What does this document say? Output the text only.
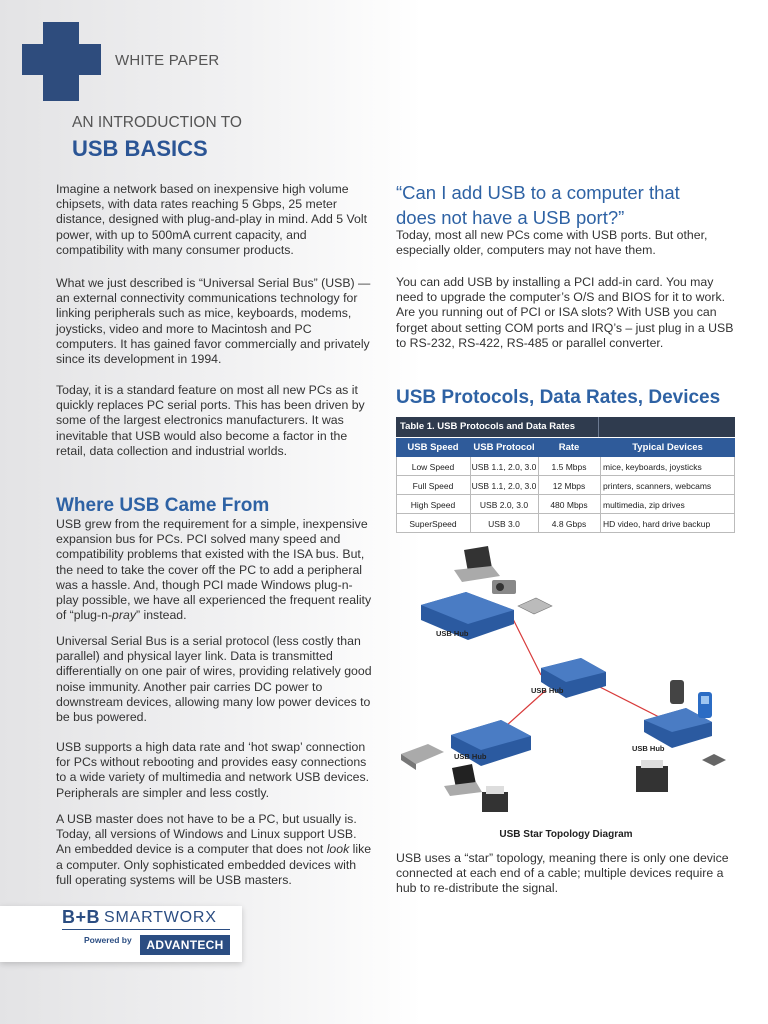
WHITE PAPER
AN INTRODUCTION TO
USB BASICS

Imagine a network based on inexpensive high volume chipsets, with data rates reaching 5 Gbps, 25 meter distance, designed with plug-and-play in mind. Add 5 Volt power, with up to 500mA current capacity, and compatibility with many consumer products.

What we just described is “Universal Serial Bus” (USB) — an external connectivity communications technology for linking peripherals such as mice, keyboards, modems, joysticks, video and more to Macintosh and PC computers. It has gained favor commercially and privately since its development in 1994.

Today, it is a standard feature on most all new PCs as it quickly replaces PC serial ports. This has been driven by some of the largest electronics manufacturers. It was inevitable that USB would also become a factor in the retail, data collection and industrial worlds.

Where USB Came From

USB grew from the requirement for a simple, inexpensive expansion bus for PCs. PCI solved many speed and compatibility problems that existed with the ISA bus. But, the need to take the cover off the PC to add a peripheral was a hassle. And, though PCI made Windows plug-n-play possible, we have all experienced the frequent reality of “plug-n-pray” instead.

Universal Serial Bus is a serial protocol (less costly than parallel) and physical layer link. Data is transmitted differentially on one pair of wires, providing relatively good noise immunity. Another pair carries DC power to downstream devices, allowing many low power devices to be bus powered.

USB supports a high data rate and ‘hot swap’ connection for PCs without rebooting and provides easy connections to a wide variety of multimedia and network USB devices. Peripherals are simpler and less costly.

A USB master does not have to be a PC, but usually is. Today, all versions of Windows and Linux support USB. An embedded device is a computer that does not look like a computer. Only sophisticated embedded devices with full operating systems will be USB masters.

“Can I add USB to a computer that
does not have a USB port?”

Today, most all new PCs come with USB ports. But other, especially older, computers may not have them.

You can add USB by installing a PCI add-in card. You may need to upgrade the computer’s O/S and BIOS for it to work. Are you running out of PCI or ISA slots? With USB you can forget about setting COM ports and IRQ’s – just plug in a USB to RS-232, RS-422, RS-485 or parallel converter.

USB Protocols, Data Rates, Devices
Table 1. USB Protocols and Data Rates
USB Speed	USB Protocol	Rate	Typical Devices
Low Speed	USB 1.1, 2.0, 3.0	1.5 Mbps	mice, keyboards, joysticks
Full Speed	USB 1.1, 2.0, 3.0	12 Mbps	printers, scanners, webcams
High Speed	USB 2.0, 3.0	480 Mbps	multimedia, zip drives
SuperSpeed	USB 3.0	4.8 Gbps	HD video, hard drive backup
USB Hub
USB Hub
USB Hub
USB Hub
USB Star Topology Diagram

USB uses a “star” topology, meaning there is only one device connected at each end of a cable; multiple devices require a hub to re-distribute the signal.

B+B SMARTWORX
Powered by	ADVANTECH
